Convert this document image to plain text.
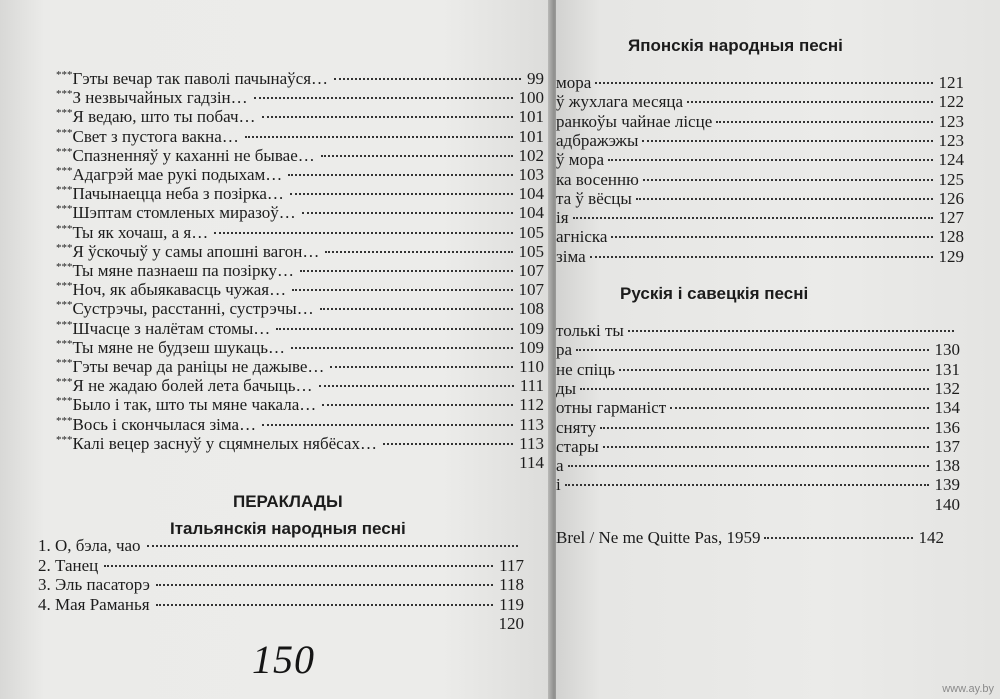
*** Гэты вечар так паволі пачынаўся…	99
*** З незвычайных гадзін…	100
*** Я ведаю, што ты побач…	101
*** Свет з пустога вакна…	101
*** Спазненняў у каханні не бывае…	102
*** Адагрэй мае рукі подыхам…	103
*** Пачынаецца неба з позірка…	104
*** Шэптам стомленых миразоў…	104
*** Ты як хочаш, а я…	105
*** Я ўскочыў у самы апошні вагон…	105
*** Ты мяне пазнаеш па позірку…	107
*** Ноч, як абыякавасць чужая…	107
*** Сустрэчы, расстанні, сустрэчы…	108
*** Шчасце з налётам стомы…	109
*** Ты мяне не будзеш шукаць…	109
*** Гэты вечар да раніцы не дажыве…	110
*** Я не жадаю болей лета бачыць…	111
*** Было і так, што ты мяне чакала…	112
*** Вось і скончылася зіма…	113
*** Калі вецер заснуў у сцямнелых нябёсах…	113
114
ПЕРАКЛАДЫ
Італьянскія народныя песні
1. О, бэла, чао
2. Танец	117
3. Эль пасаторэ	118
4. Мая Раманья	119
120
150
Японскія народныя песні
мора	121
ў жухлага месяца	122
ранкоўы чайнае лісце	123
адбражэжы	123
ў мора	124
ка восенню	125
та ў вёсцы	126
ія	127
агніска	128
зіма	129
Рускія і савецкія песні
толькі ты
ра	130
не спіць	131
ды	132
отны гарманіст	134
сняту	136
стары	137
а	138
і	139
140
Brel / Ne me Quitte Pas, 1959	142
www.ay.by
